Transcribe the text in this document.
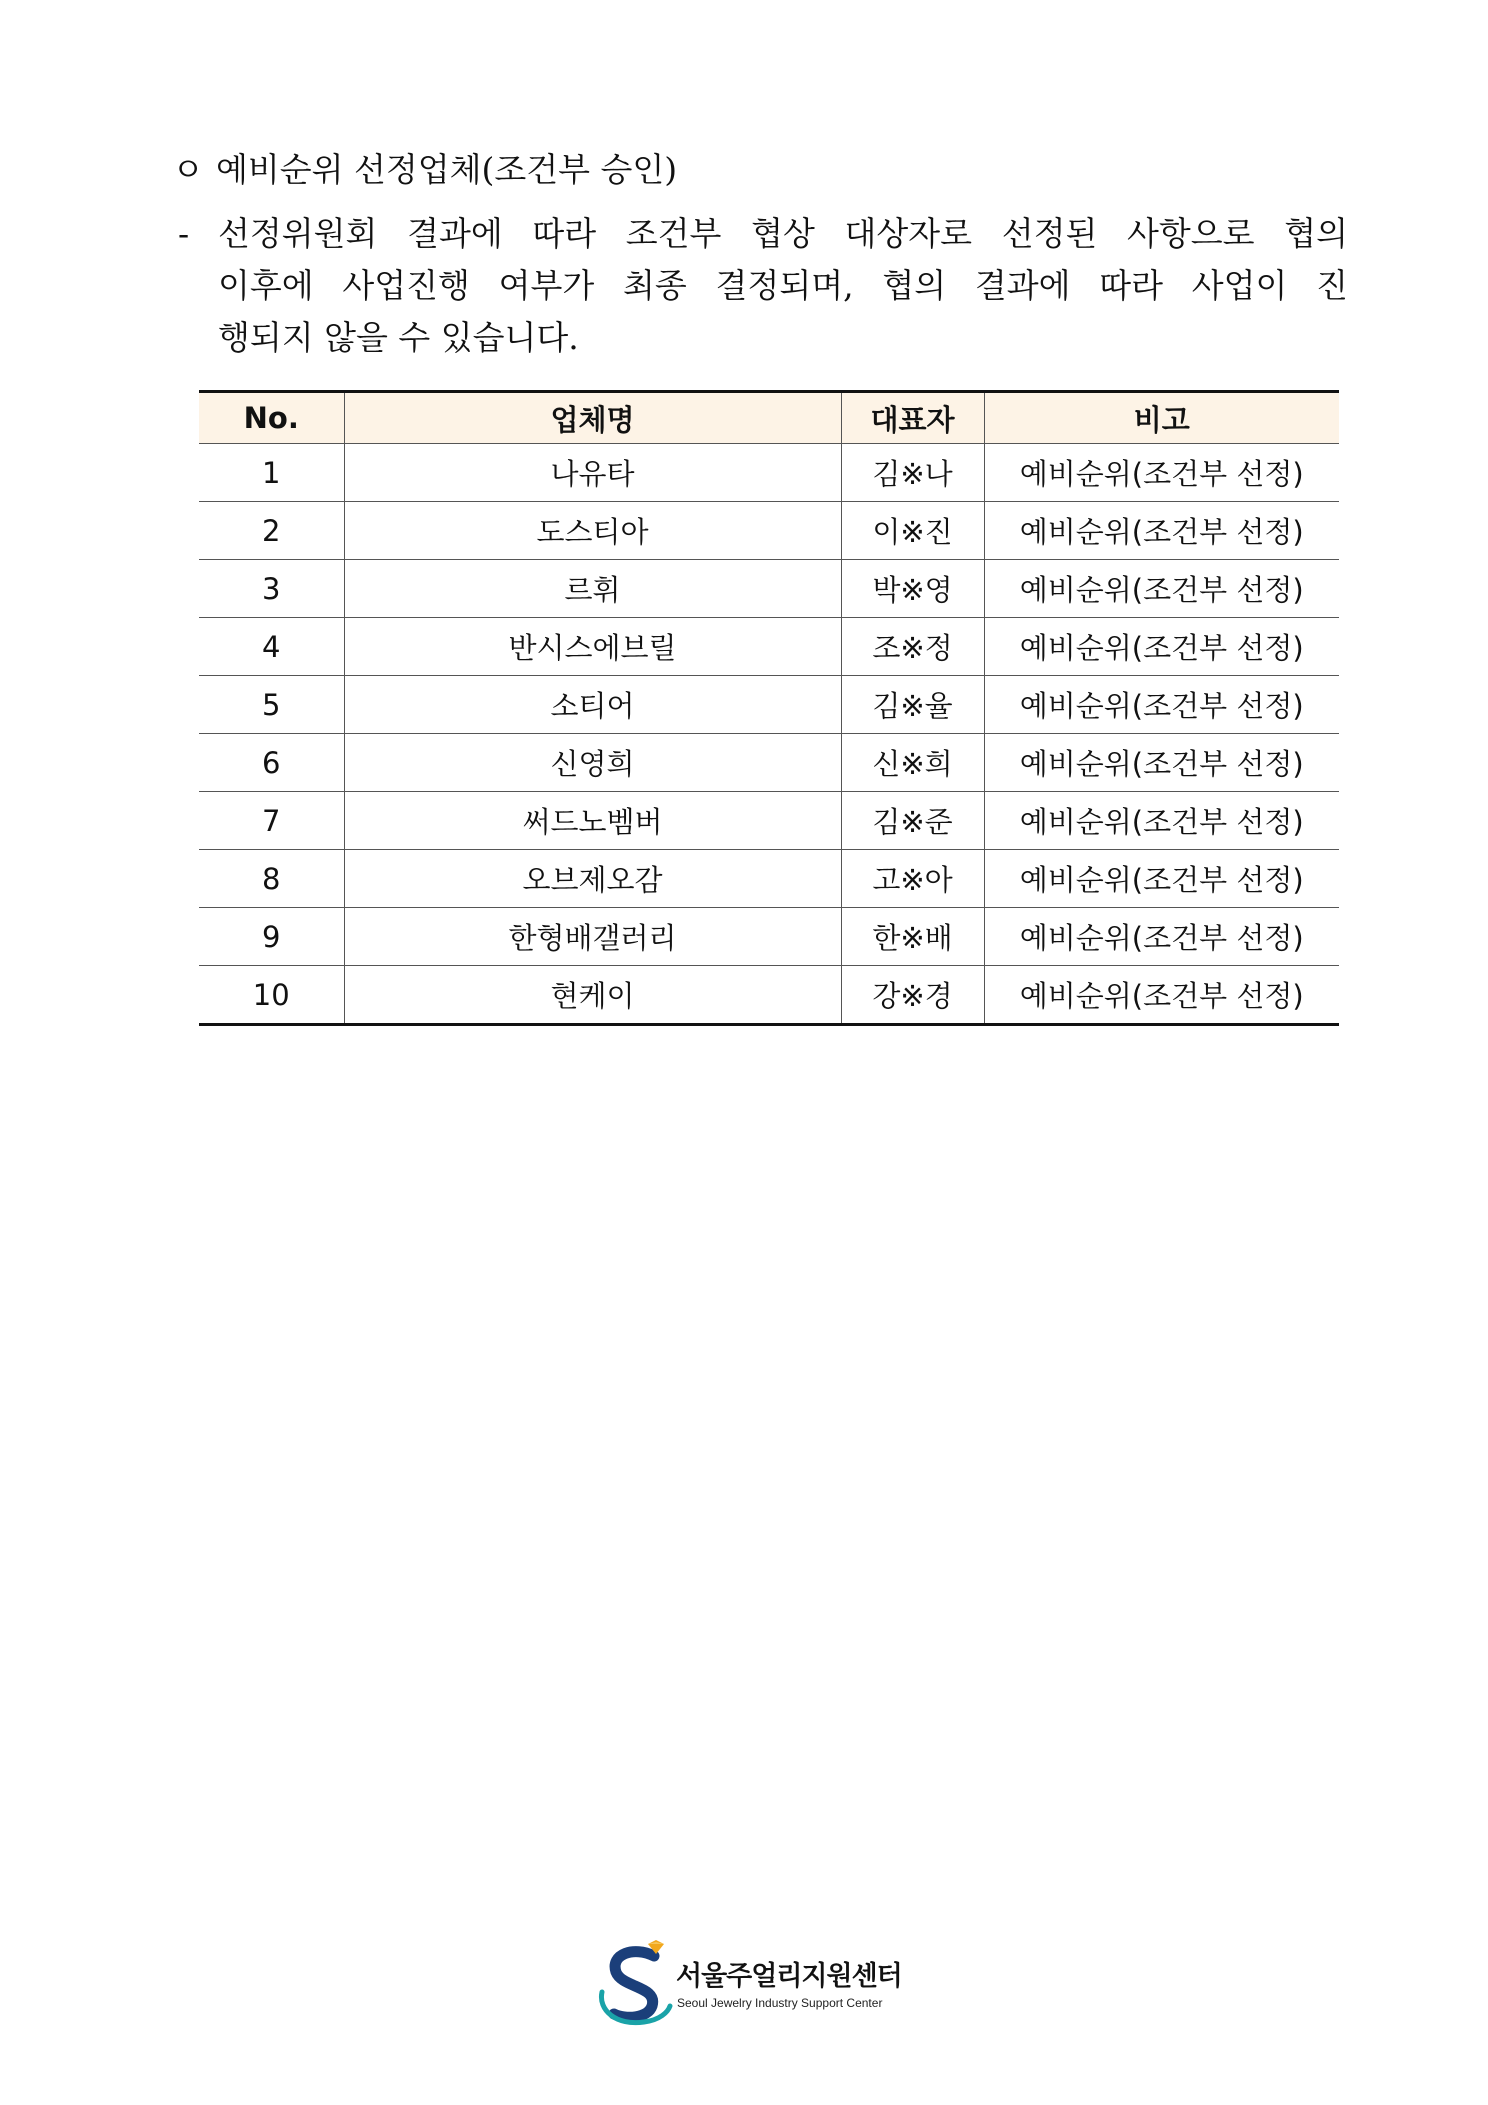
ㅇ 예비순위 선정업체(조건부 승인)
- 선정위원회 결과에 따라 조건부 협상 대상자로 선정된 사항으로 협의
이후에 사업진행 여부가 최종 결정되며, 협의 결과에 따라 사업이 진
행되지 않을 수 있습니다.
No.	업체명	대표자	비고
1	나유타	김※나	예비순위(조건부 선정)
2	도스티아	이※진	예비순위(조건부 선정)
3	르휘	박※영	예비순위(조건부 선정)
4	반시스에브릴	조※정	예비순위(조건부 선정)
5	소티어	김※율	예비순위(조건부 선정)
6	신영희	신※희	예비순위(조건부 선정)
7	써드노벰버	김※준	예비순위(조건부 선정)
8	오브제오감	고※아	예비순위(조건부 선정)
9	한형배갤러리	한※배	예비순위(조건부 선정)
10	현케이	강※경	예비순위(조건부 선정)
서울주얼리지원센터
Seoul Jewelry Industry Support Center
